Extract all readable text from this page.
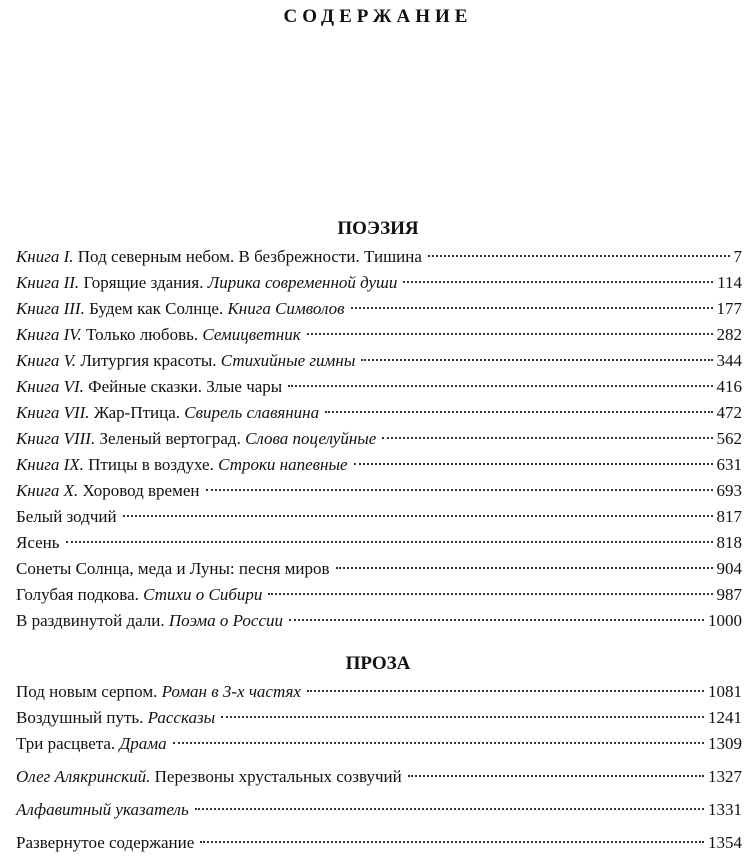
СОДЕРЖАНИЕ
ПОЭЗИЯ
Книга I. Под северным небом. В безбрежности. Тишина	7
Книга II. Горящие здания. Лирика современной души	114
Книга III. Будем как Солнце. Книга Символов	177
Книга IV. Только любовь. Семицветник	282
Книга V. Литургия красоты. Стихийные гимны	344
Книга VI. Фейные сказки. Злые чары	416
Книга VII. Жар-Птица. Свирель славянина	472
Книга VIII. Зеленый вертоград. Слова поцелуйные	562
Книга IX. Птицы в воздухе. Строки напевные	631
Книга X. Хоровод времен	693
Белый зодчий	817
Ясень	818
Сонеты Солнца, меда и Луны: песня миров	904
Голубая подкова. Стихи о Сибири	987
В раздвинутой дали. Поэма о России	1000
ПРОЗА
Под новым серпом. Роман в 3-х частях	1081
Воздушный путь. Рассказы	1241
Три расцвета. Драма	1309
Олег Алякринский. Перезвоны хрустальных созвучий	1327
Алфавитный указатель	1331
Развернутое содержание	1354
